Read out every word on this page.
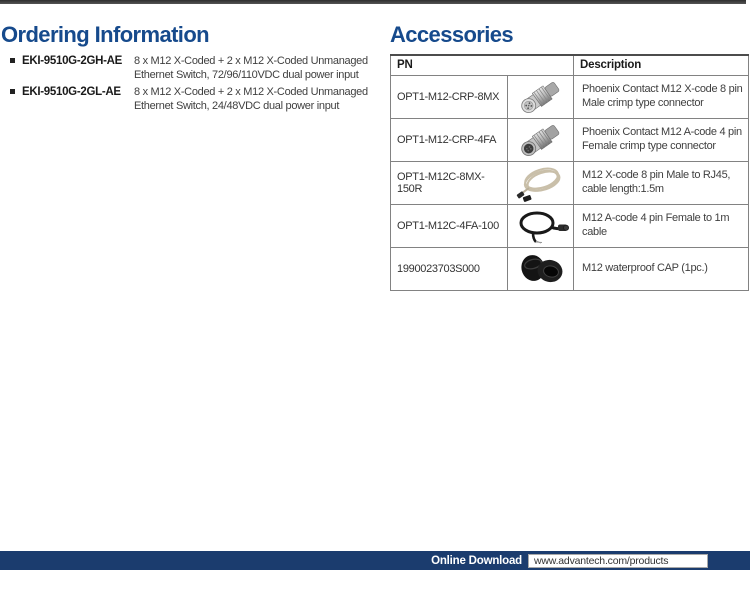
Ordering Information	Accessories
EKI-9510G-2GH-AE	8 x M12 X-Coded + 2 x M12 X-Coded Unmanaged
Ethernet Switch, 72/96/110VDC dual power input
EKI-9510G-2GL-AE	8 x M12 X-Coded + 2 x M12 X-Coded Unmanaged
Ethernet Switch, 24/48VDC dual power input
PN		Description
OPT1-M12-CRP-8MX		Phoenix Contact M12 X-code 8 pin
Male crimp type connector

OPT1-M12-CRP-4FA		Phoenix Contact M12 A-code 4 pin
Female crimp type connector

OPT1-M12C-8MX-150R		M12 X-code 8 pin Male to RJ45,
cable length:1.5m

OPT1-M12C-4FA-100		M12 A-code 4 pin Female to 1m
cable

1990023703S000		M12 waterproof CAP (1pc.)
Online Download	www.advantech.com/products
